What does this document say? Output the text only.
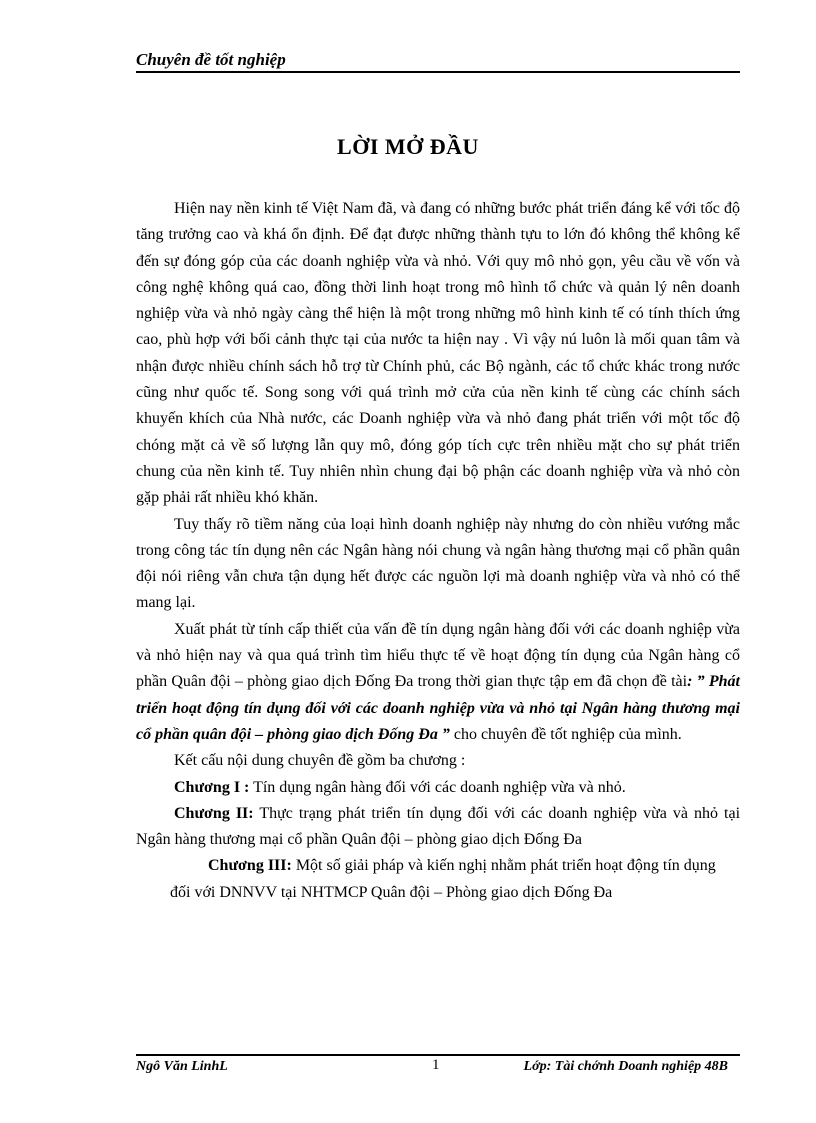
Chuyên đề tốt nghiệp
LỜI MỞ ĐẦU

Hiện nay nền kinh tế Việt Nam đã, và đang có những bước phát triển đáng kể với tốc độ tăng trưởng cao và khá ổn định. Để đạt được những thành tựu to lớn đó không thể không kể đến sự đóng góp của các doanh nghiệp vừa và nhỏ. Với quy mô nhỏ gọn, yêu cầu về vốn và công nghệ không quá cao, đồng thời linh hoạt trong mô hình tổ chức và quản lý nên doanh nghiệp vừa và nhỏ ngày càng thể hiện là một trong những mô hình kinh tế có tính thích ứng cao, phù hợp với bối cảnh thực tại của nước ta hiện nay . Vì vậy nú luôn là mối quan tâm và nhận được nhiều chính sách hỗ trợ từ Chính phủ, các Bộ ngành, các tổ chức khác trong nước cũng như quốc tế. Song song với quá trình mở cửa của nền kinh tế cùng các chính sách khuyến khích của Nhà nước, các Doanh nghiệp vừa và nhỏ đang phát triển với một tốc độ chóng mặt cả về số lượng lẫn quy mô, đóng góp tích cực trên nhiều mặt cho sự phát triển chung của nền kinh tế. Tuy nhiên nhìn chung đại bộ phận các doanh nghiệp vừa và nhỏ còn gặp phải rất nhiều khó khăn.

Tuy thấy rõ tiềm năng của loại hình doanh nghiệp này nhưng do còn nhiều vướng mắc trong công tác tín dụng nên các Ngân hàng nói chung và ngân hàng thương mại cổ phần quân đội nói riêng vẫn chưa tận dụng hết được các nguồn lợi mà doanh nghiệp vừa và nhỏ có thể mang lại.

Xuất phát từ tính cấp thiết của vấn đề tín dụng ngân hàng đối với các doanh nghiệp vừa và nhỏ hiện nay và qua quá trình tìm hiểu thực tế về hoạt động tín dụng của Ngân hàng cổ phần Quân đội – phòng giao dịch Đống Đa trong thời gian thực tập em đã chọn đề tài: ” Phát triển hoạt động tín dụng đối với các doanh nghiệp vừa và nhỏ tại Ngân hàng thương mại cổ phần quân đội – phòng giao dịch Đống Đa ” cho chuyên đề tốt nghiệp của mình.

Kết cấu nội dung chuyên đề gồm ba chương :

Chương I : Tín dụng ngân hàng đối với các doanh nghiệp vừa và nhỏ.

Chương II: Thực trạng phát triển tín dụng đối với các doanh nghiệp vừa và nhỏ tại Ngân hàng thương mại cổ phần Quân đội – phòng giao dịch Đống Đa

Chương III: Một số giải pháp và kiến nghị nhằm phát triển hoạt động tín dụng đối với DNNVV tại NHTMCP Quân đội – Phòng giao dịch Đống Đa

Ngô Văn LinhL	1	Lớp: Tài chớnh Doanh nghiệp 48B
